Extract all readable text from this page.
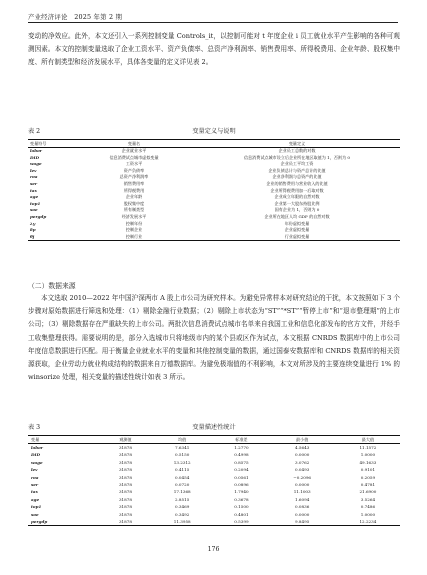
产业经济评论 2025 年第 2 期

变动的净效应。此外，本文还引入一系列控制变量 Controls_it，以控制可能对 t 年度企业 i 员工就业水平产生影响的各种可观测因素。本文的控制变量选取了企业工资水平、资产负债率、总资产净利润率、销售费用率、所得税费用、企业年龄、股权集中度、所有制类型和经济发展水平，具体各变量的定义详见表 2。

表 2	变量定义与说明
变量符号	变量名	变量定义
labor	企业就业水平	企业员工总数的对数
DID	信息消费试点城市虚拟变量	信息消费试点城市设立后企业所在地区取值为 1，否则为 0
wage	工资水平	企业员工平均工资
lev	资产负债率	企业负债总计与资产总计的比值
roa	总资产净利润率	企业净利润与总资产的比值
ser	销售费用率	企业的销售费用与营业收入的比值
tax	所得税费用	企业所得税费用加一后取对数
age	企业年龄	企业成立年限的自然对数
top1	股权集中度	企业第一大股东持股比例
soe	所有制类型	国有企业为 1，否则为 0
pergdp	经济发展水平	企业所在地区人均 GDP 的自然对数
λy	控制年份	年份虚拟变量
δp	控制企业	企业虚拟变量
θj	控制行业	行业虚拟变量
（二）数据来源

本文选取 2010—2022 年中国沪深两市 A 股上市公司为研究样本。为避免异常样本对研究结论的干扰，本文按照如下 3 个步骤对原始数据进行筛选和处理：（1）剔除金融行业数据；（2）剔除上市状态为“ST”“*ST”“暂停上市”和“退市整理期”的上市公司；（3）剔除数据存在严重缺失的上市公司。两批次信息消费试点城市名单来自我国工业和信息化部发布的官方文件，并经手工收集整理获得。需要说明的是，部分入选城市只将地级市内的某个县或区作为试点，本文根据 CNRDS 数据库中的上市公司年度信息数据进行匹配。用于衡量企业就业水平的变量和其他控制变量的数据，通过国泰安数据库和 CNRDS 数据库的相关资源获取，企业劳动力就业构成结构的数据来自万德数据库。为避免极端值的不利影响，本文对所涉及的主要连续变量进行 1% 的 winsorize 处理，相关变量的描述性统计如表 3 所示。

表 3	变量描述性统计
变量	观测值	均值	标准差	最小值	最大值
labor	31878	7.6341	1.2770	4.5643	11.1572
DID	31878	0.5150	0.4998	0.0000	1.0000
wage	31878	13.2312	0.8575	3.0762	49.1633
lev	31878	0.4115	0.2094	0.0493	0.9101
roa	31878	0.0454	0.0561	−0.2096	0.2059
ser	31878	0.0720	0.0896	0.0000	0.4781
tax	31878	17.1368	1.7940	11.1003	21.6900
age	31878	2.8515	0.3678	1.6094	3.5264
top1	31878	0.3469	0.1500	0.0836	0.7486
soe	31878	0.3492	0.4801	0.0000	1.0000
pergdp	31878	11.3958	0.5399	9.8495	12.2234
176
